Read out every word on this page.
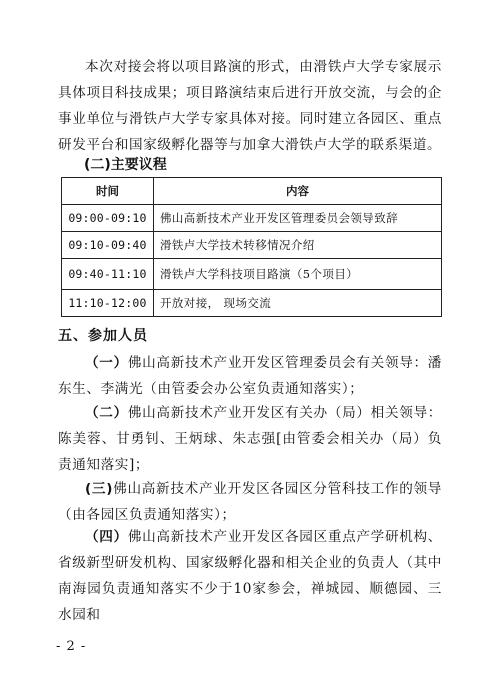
本次对接会将以项目路演的形式，由滑铁卢大学专家展示具体项目科技成果；项目路演结束后进行开放交流，与会的企事业单位与滑铁卢大学专家具体对接。同时建立各园区、重点研发平台和国家级孵化器等与加拿大滑铁卢大学的联系渠道。

(二)主要议程

时间	内容
09:00-09:10	佛山高新技术产业开发区管理委员会领导致辞
09:10-09:40	滑铁卢大学技术转移情况介绍
09:40-11:10	滑铁卢大学科技项目路演（5个项目）
11:10-12:00	开放对接， 现场交流

五、参加人员

（一）佛山高新技术产业开发区管理委员会有关领导：潘东生、李满光（由管委会办公室负责通知落实）；

（二）佛山高新技术产业开发区有关办（局）相关领导：陈美蓉、甘勇钊、王炳球、朱志强[由管委会相关办（局）负责通知落实]；

(三)佛山高新技术产业开发区各园区分管科技工作的领导（由各园区负责通知落实）；

（四）佛山高新技术产业开发区各园区重点产学研机构、省级新型研发机构、国家级孵化器和相关企业的负责人（其中南海园负责通知落实不少于10家参会，禅城园、顺德园、三水园和

- 2 -
